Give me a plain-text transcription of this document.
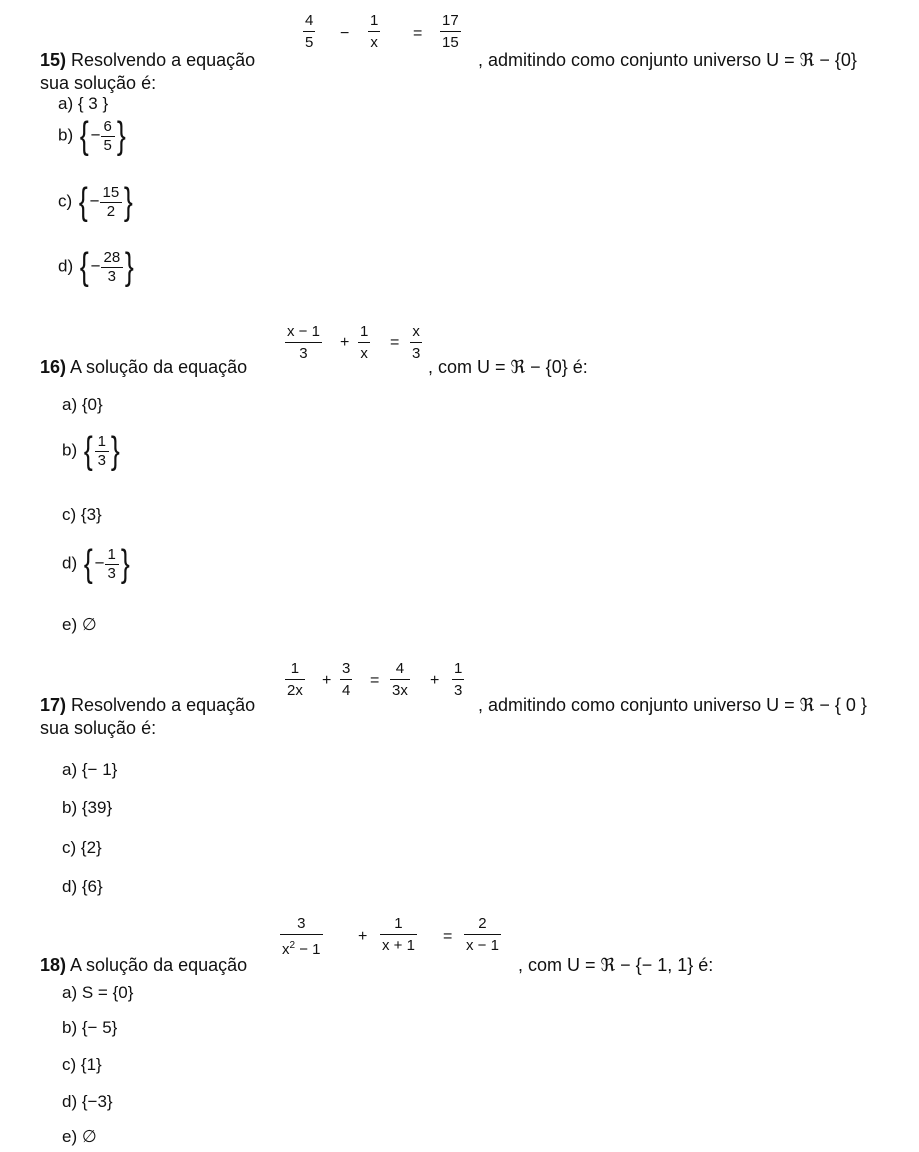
15) Resolvendo a equação
4
5
−
1
x
=
17
15
, admitindo como conjunto universo U = ℜ − {0}
sua solução é:
a) { 3 }
b) { − $\frac{6}{5}$ }
c) { − $\frac{15}{2}$ }
d) { − $\frac{28}{3}$ }
16) A solução da equação
x − 1
3
+
1
x
=
x
3
, com U = ℜ − {0} é:
a) {0}
b) { $\frac{1}{3}$ }
c) {3}
d) { − $\frac{1}{3}$ }
e) ∅
17) Resolvendo a equação
1
2x
+
3
4
=
4
3x
+
1
3
, admitindo como conjunto universo U = ℜ − { 0 }
sua solução é:
a) {− 1}
b) {39}
c) {2}
d) {6}
18) A solução da equação
3
$x^2 - 1$
+
1
x + 1
=
2
x − 1
, com U = ℜ − {− 1, 1} é:
a) S = {0}
b) {− 5}
c) {1}
d) {−3}
e) ∅
